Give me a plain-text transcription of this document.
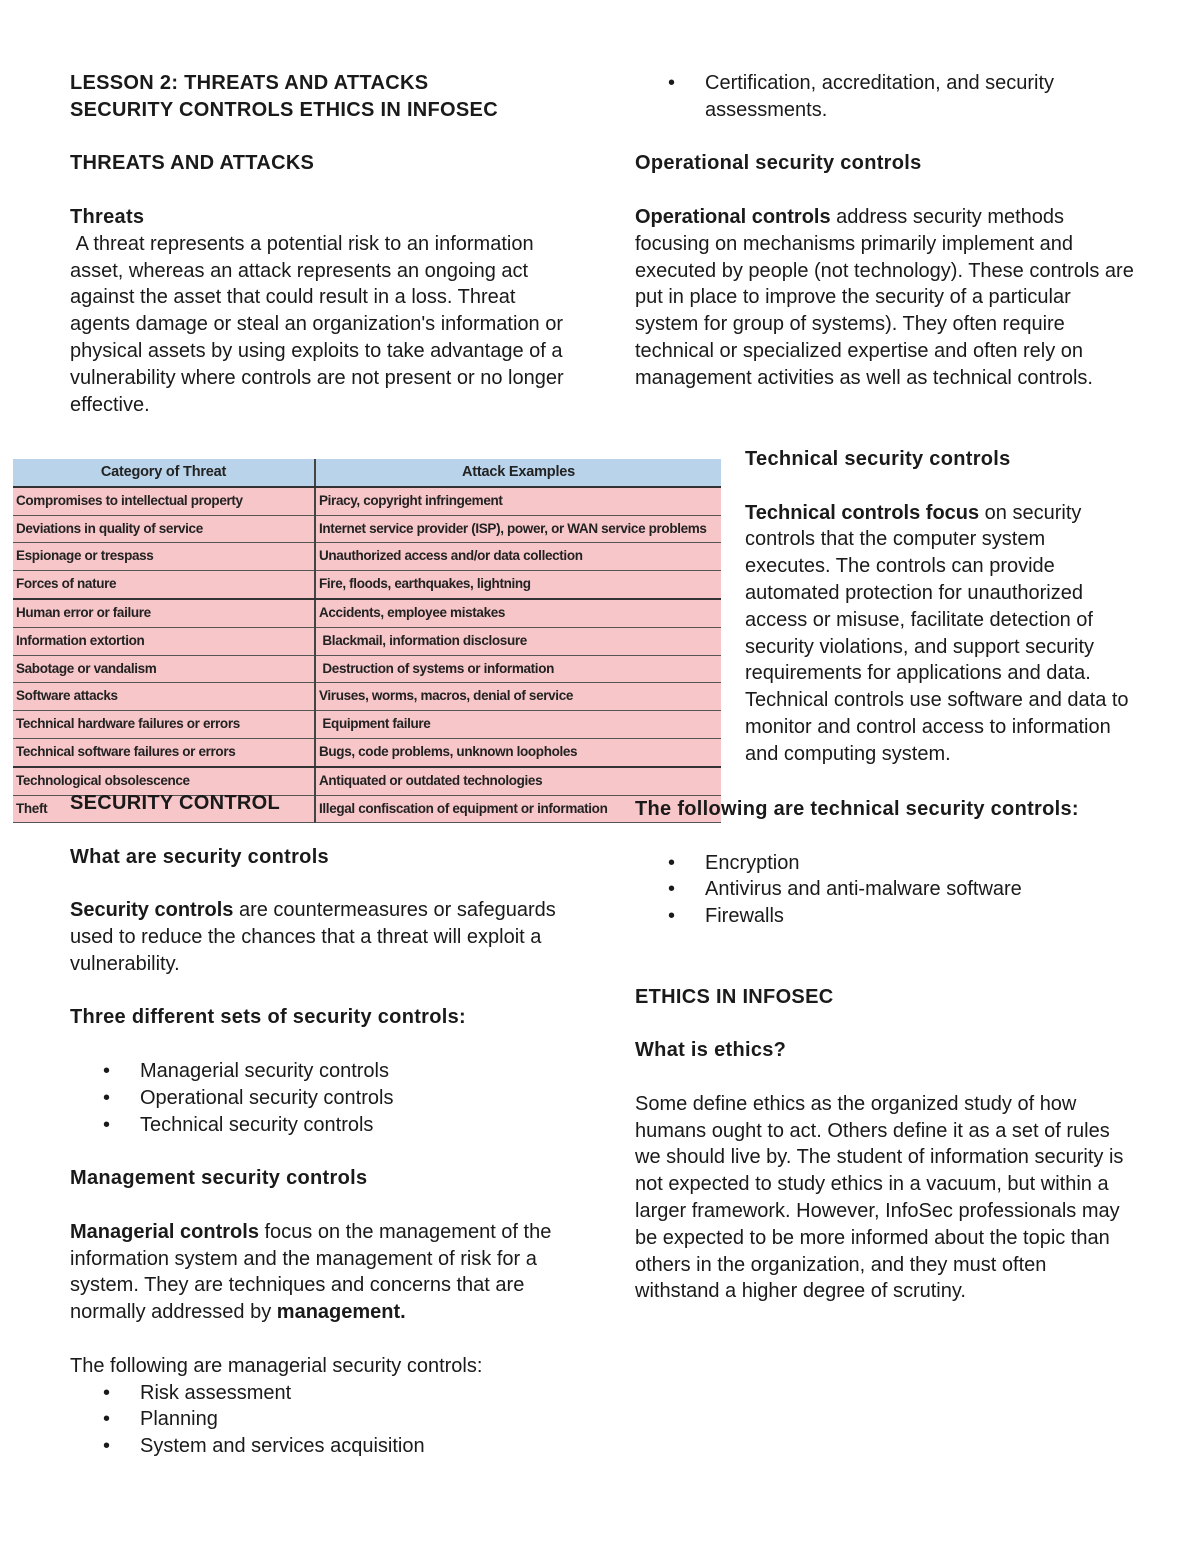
LESSON 2: THREATS AND ATTACKS
SECURITY CONTROLS ETHICS IN INFOSEC
THREATS AND ATTACKS
Threats

A threat represents a potential risk to an information asset, whereas an attack represents an ongoing act against the asset that could result in a loss. Threat agents damage or steal an organization's information or physical assets by using exploits to take advantage of a vulnerability where controls are not present or no longer effective.

Category of Threat	Attack Examples
Compromises to intellectual property	Piracy, copyright infringement
Deviations in quality of service	Internet service provider (ISP), power, or WAN service problems
Espionage or trespass	Unauthorized access and/or data collection
Forces of nature	Fire, floods, earthquakes, lightning
Human error or failure	Accidents, employee mistakes
Information extortion	Blackmail, information disclosure
Sabotage or vandalism	Destruction of systems or information
Software attacks	Viruses, worms, macros, denial of service
Technical hardware failures or errors	Equipment failure
Technical software failures or errors	Bugs, code problems, unknown loopholes
Technological obsolescence	Antiquated or outdated technologies
Theft	Illegal confiscation of equipment or information
SECURITY CONTROL
What are security controls

Security controls are countermeasures or safeguards used to reduce the chances that a threat will exploit a vulnerability.

Three different sets of security controls:
• Managerial security controls
• Operational security controls
• Technical security controls
Management security controls

Managerial controls focus on the management of the information system and the management of risk for a system. They are techniques and concerns that are normally addressed by management.

The following are managerial security controls:

• Risk assessment
• Planning
• System and services acquisition
• Certification, accreditation, and security assessments.
Operational security controls

Operational controls address security methods focusing on mechanisms primarily implement and executed by people (not technology). These controls are put in place to improve the security of a particular system for group of systems). They often require technical or specialized expertise and often rely on management activities as well as technical controls.

Technical security controls

Technical controls focus on security controls that the computer system executes. The controls can provide automated protection for unauthorized access or misuse, facilitate detection of security violations, and support security requirements for applications and data. Technical controls use software and data to monitor and control access to information and computing system.

The following are technical security controls:
• Encryption
• Antivirus and anti-malware software
• Firewalls
ETHICS IN INFOSEC
What is ethics?

Some define ethics as the organized study of how humans ought to act. Others define it as a set of rules we should live by. The student of information security is not expected to study ethics in a vacuum, but within a larger framework. However, InfoSec professionals may be expected to be more informed about the topic than others in the organization, and they must often withstand a higher degree of scrutiny.
